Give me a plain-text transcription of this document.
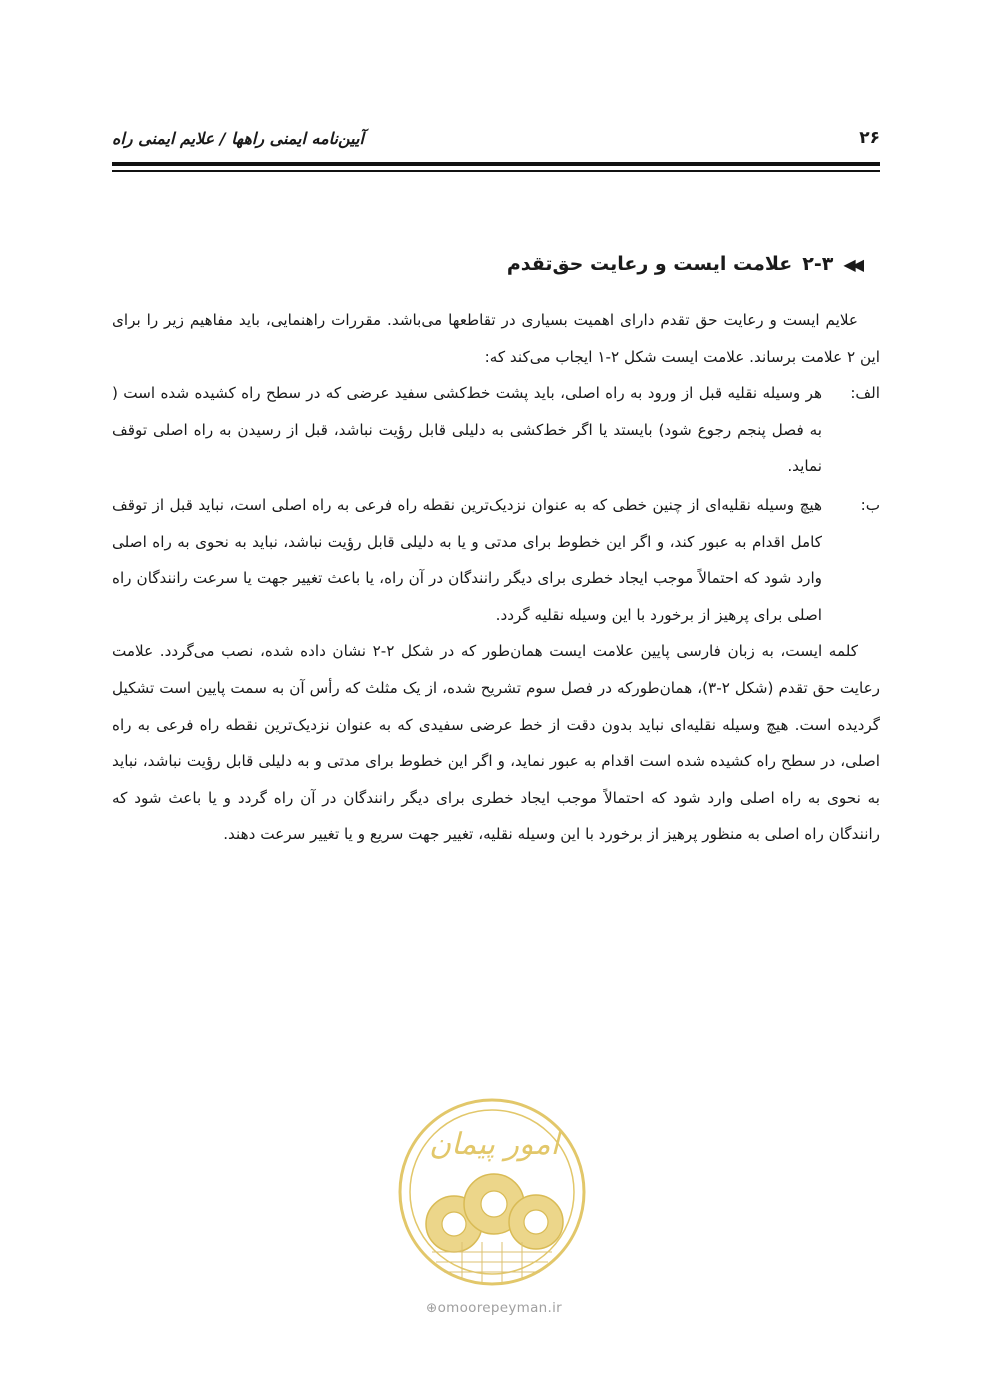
۲۶
آیین‌نامه ایمنی راهها / علایم ایمنی راه
◀◀
۲-۳
علامت ایست و رعایت حق‌تقدم

علایم ایست و رعایت حق تقدم دارای اهمیت بسیاری در تقاطعها می‌باشد. مقررات راهنمایی، باید مفاهیم زیر را برای این ۲ علامت برساند. علامت ایست شکل ۲-۱ ایجاب می‌کند که:

الف:
هر وسیله نقلیه قبل از ورود به راه اصلی، باید پشت خط‌کشی سفید عرضی که در سطح راه کشیده شده است ( به فصل پنجم رجوع شود) بایستد یا اگر خط‌کشی به دلیلی قابل رؤیت نباشد، قبل از رسیدن به راه اصلی توقف نماید.
ب:
هیچ وسیله نقلیه‌ای از چنین خطی که به عنوان نزدیک‌ترین نقطه راه فرعی به راه اصلی است، نباید قبل از توقف کامل اقدام به عبور کند، و اگر این خطوط برای مدتی و یا به دلیلی قابل رؤیت نباشد، نباید به نحوی به راه اصلی وارد شود که احتمالاً موجب ایجاد خطری برای دیگر رانندگان در آن راه، یا باعث تغییر جهت یا سرعت رانندگان راه اصلی برای پرهیز از برخورد با این وسیله نقلیه گردد.

کلمه ایست، به زبان فارسی پایین علامت ایست همان‌طور که در شکل ۲-۲ نشان داده شده، نصب می‌گردد. علامت رعایت حق تقدم (شکل ۲-۳)، همان‌طورکه در فصل سوم تشریح شده، از یک مثلث که رأس آن به سمت پایین است تشکیل گردیده است. هیچ وسیله نقلیه‌ای نباید بدون دقت از خط عرضی سفیدی که به عنوان نزدیک‌ترین نقطه راه فرعی به راه اصلی، در سطح راه کشیده شده است اقدام به عبور نماید، و اگر این خطوط برای مدتی و به دلیلی قابل رؤیت نباشد، نباید به نحوی به راه اصلی وارد شود که احتمالاً موجب ایجاد خطری برای دیگر رانندگان در آن راه گردد و یا باعث شود که رانندگان راه اصلی به منظور پرهیز از برخورد با این وسیله نقلیه، تغییر جهت سریع و یا تغییر سرعت دهند.

امور پیمان
⊕omoorepeyman.ir
